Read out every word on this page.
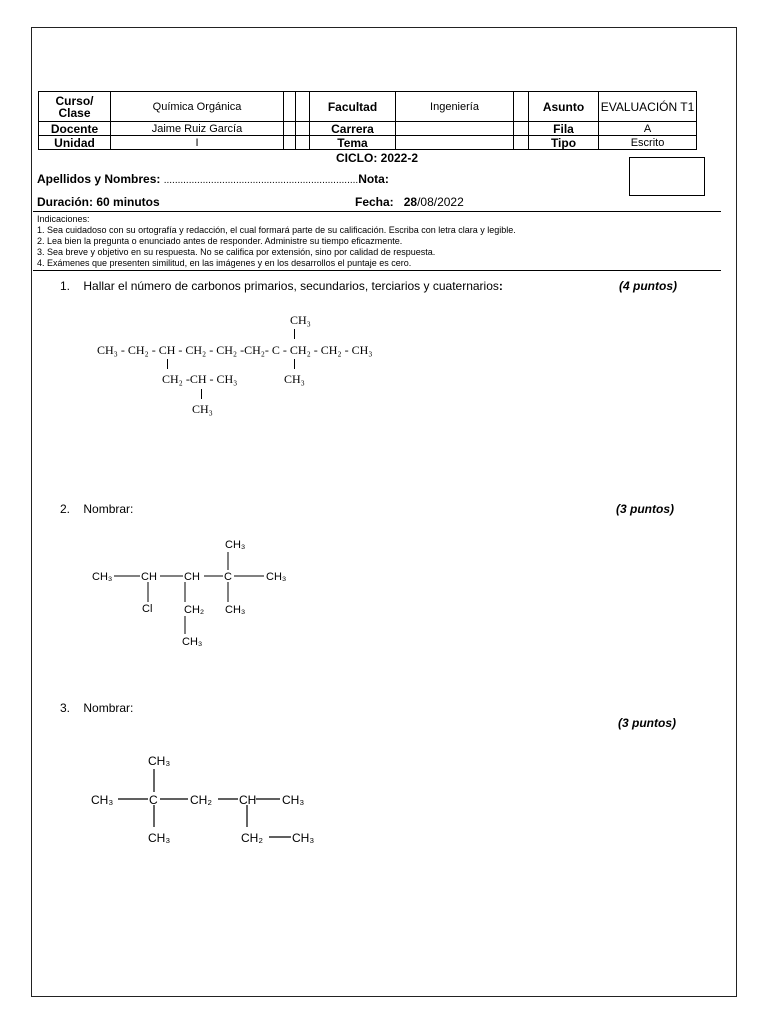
Curso/ Clase	Química Orgánica			Facultad	Ingeniería		Asunto	EVALUACIÓN T1
Docente	Jaime Ruiz García			Carrera			Fila	A
Unidad	I			Tema			Tipo	Escrito
CICLO: 2022-2
Apellidos y Nombres: ......................................................................Nota:
Duración: 60 minutos	Fecha: 28/08/2022
Indicaciones:
1. Sea cuidadoso con su ortografía y redacción, el cual formará parte de su calificación. Escriba con letra clara y legible.
2. Lea bien la pregunta o enunciado antes de responder. Administre su tiempo eficazmente.
3. Sea breve y objetivo en su respuesta. No se califica por extensión, sino por calidad de respuesta.
4. Exámenes que presenten similitud, en las imágenes y en los desarrollos el puntaje es cero.
1. Hallar el número de carbonos primarios, secundarios, terciarios y cuaternarios:	(4 puntos)
CH₃
CH₃ - CH₂ - CH - CH₂ - CH₂ -CH₂- C - CH₂ - CH₂ - CH₃
CH₂ -CH - CH₃	CH₃
CH₃
2. Nombrar:	(3 puntos)
CH₃	CH CH C	CH₃
CH₃
Cl	CH₂ CH₃
CH₃
3. Nombrar:
(3 puntos)
CH₃
CH₃	C	CH₂ CH CH₃
CH₃	CH₂ CH₃
